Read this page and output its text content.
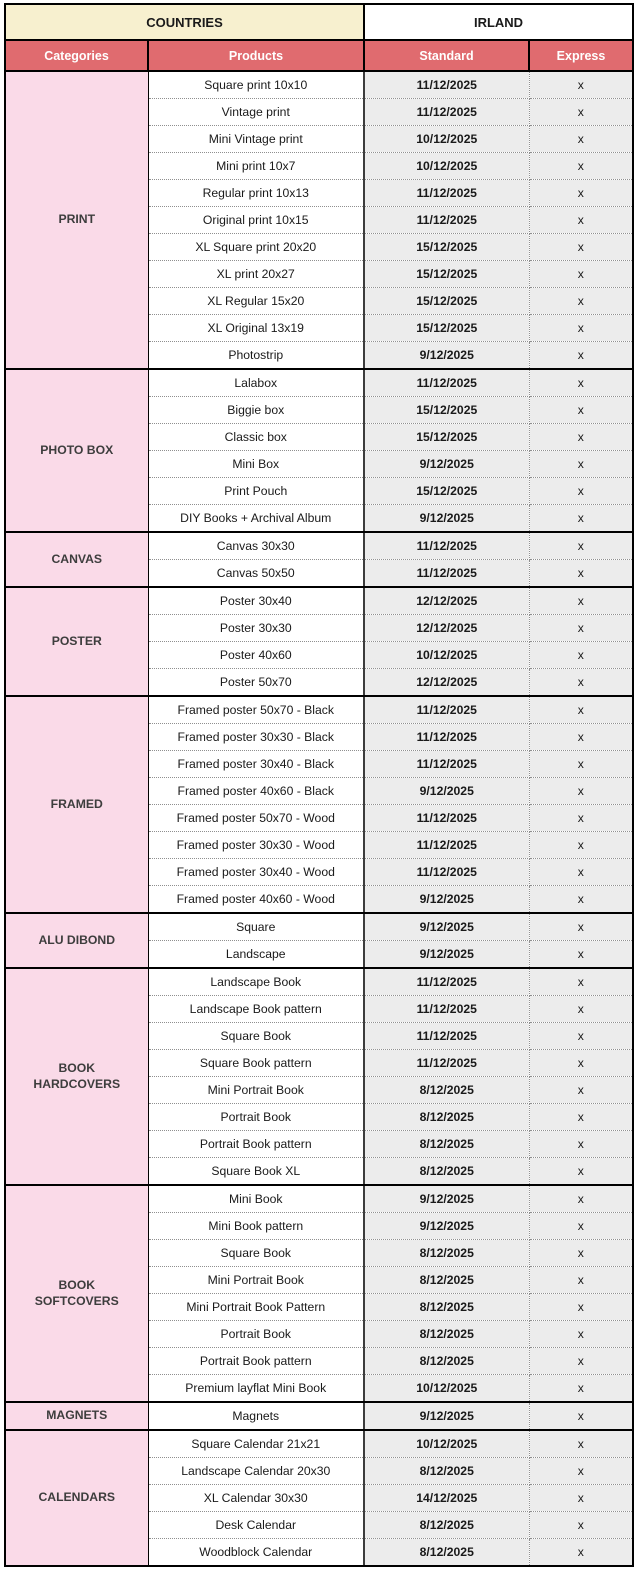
COUNTRIES		IRLAND	
Categories	Products	Standard	Express
PRINT	Square print 10x10	11/12/2025	x
	Vintage print	11/12/2025	x
	Mini Vintage print	10/12/2025	x
	Mini print 10x7	10/12/2025	x
	Regular print 10x13	11/12/2025	x
	Original print 10x15	11/12/2025	x
	XL Square print 20x20	15/12/2025	x
	XL print 20x27	15/12/2025	x
	XL Regular 15x20	15/12/2025	x
	XL Original 13x19	15/12/2025	x
	Photostrip	9/12/2025	x
PHOTO BOX	Lalabox	11/12/2025	x
	Biggie box	15/12/2025	x
	Classic box	15/12/2025	x
	Mini Box	9/12/2025	x
	Print Pouch	15/12/2025	x
	DIY Books + Archival Album	9/12/2025	x
CANVAS	Canvas 30x30	11/12/2025	x
	Canvas 50x50	11/12/2025	x
POSTER	Poster 30x40	12/12/2025	x
	Poster 30x30	12/12/2025	x
	Poster 40x60	10/12/2025	x
	Poster 50x70	12/12/2025	x
FRAMED	Framed poster 50x70 - Black	11/12/2025	x
	Framed poster 30x30 - Black	11/12/2025	x
	Framed poster 30x40 - Black	11/12/2025	x
	Framed poster 40x60 - Black	9/12/2025	x
	Framed poster 50x70 - Wood	11/12/2025	x
	Framed poster 30x30 - Wood	11/12/2025	x
	Framed poster 30x40 - Wood	11/12/2025	x
	Framed poster 40x60 - Wood	9/12/2025	x
ALU DIBOND	Square	9/12/2025	x
	Landscape	9/12/2025	x
BOOK HARDCOVERS	Landscape Book	11/12/2025	x
	Landscape Book pattern	11/12/2025	x
	Square Book	11/12/2025	x
	Square Book pattern	11/12/2025	x
	Mini Portrait Book	8/12/2025	x
	Portrait Book	8/12/2025	x
	Portrait Book pattern	8/12/2025	x
	Square Book XL	8/12/2025	x
BOOK SOFTCOVERS	Mini Book	9/12/2025	x
	Mini Book pattern	9/12/2025	x
	Square Book	8/12/2025	x
	Mini Portrait Book	8/12/2025	x
	Mini Portrait Book Pattern	8/12/2025	x
	Portrait Book	8/12/2025	x
	Portrait Book pattern	8/12/2025	x
	Premium layflat Mini Book	10/12/2025	x
MAGNETS	Magnets	9/12/2025	x
CALENDARS	Square Calendar 21x21	10/12/2025	x
	Landscape Calendar 20x30	8/12/2025	x
	XL Calendar 30x30	14/12/2025	x
	Desk Calendar	8/12/2025	x
	Woodblock Calendar	8/12/2025	x
